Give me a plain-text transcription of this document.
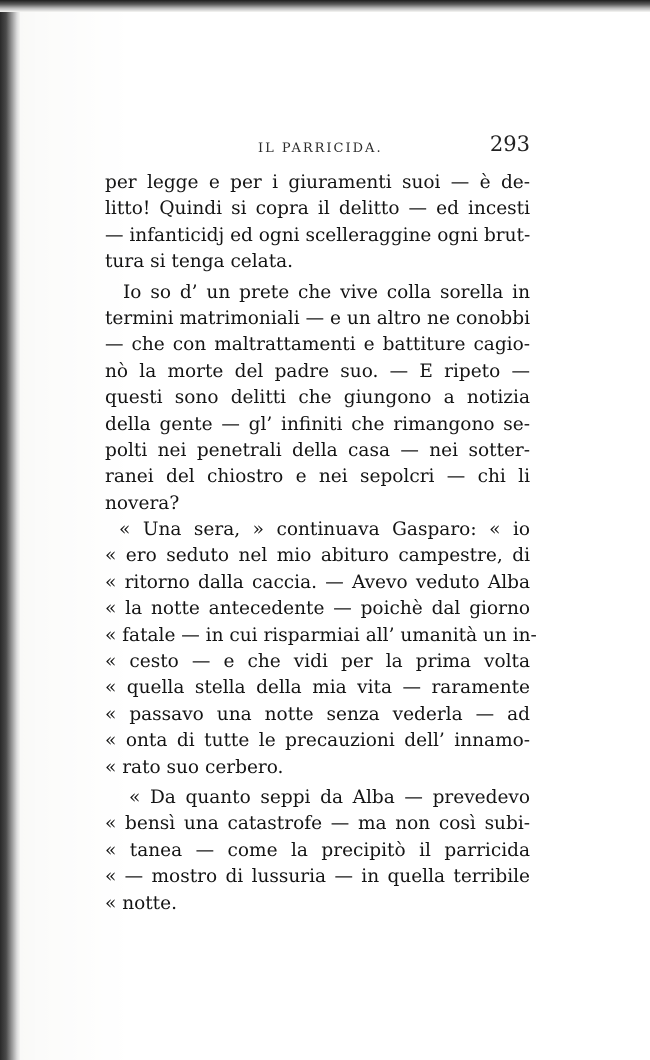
IL PARRICIDA.	293
per legge e per i giuramenti suoi — è de-
litto! Quindi si copra il delitto — ed incesti
— infanticidj ed ogni scelleraggine ogni brut-
tura si tenga celata.
Io so d’ un prete che vive colla sorella in
termini matrimoniali — e un altro ne conobbi
— che con maltrattamenti e battiture cagio-
nò la morte del padre suo. — E ripeto —
questi sono delitti che giungono a notizia
della gente — gl’ infiniti che rimangono se-
polti nei penetrali della casa — nei sotter-
ranei del chiostro e nei sepolcri — chi li
novera?
« Una sera, » continuava Gasparo: « io
« ero seduto nel mio abituro campestre, di
« ritorno dalla caccia. — Avevo veduto Alba
« la notte antecedente — poichè dal giorno
« fatale — in cui risparmiai all’ umanità un in-
« cesto — e che vidi per la prima volta
« quella stella della mia vita — raramente
« passavo una notte senza vederla — ad
« onta di tutte le precauzioni dell’ innamo-
« rato suo cerbero.
« Da quanto seppi da Alba — prevedevo
« bensì una catastrofe — ma non così subi-
« tanea — come la precipitò il parricida
« — mostro di lussuria — in quella terribile
« notte.
